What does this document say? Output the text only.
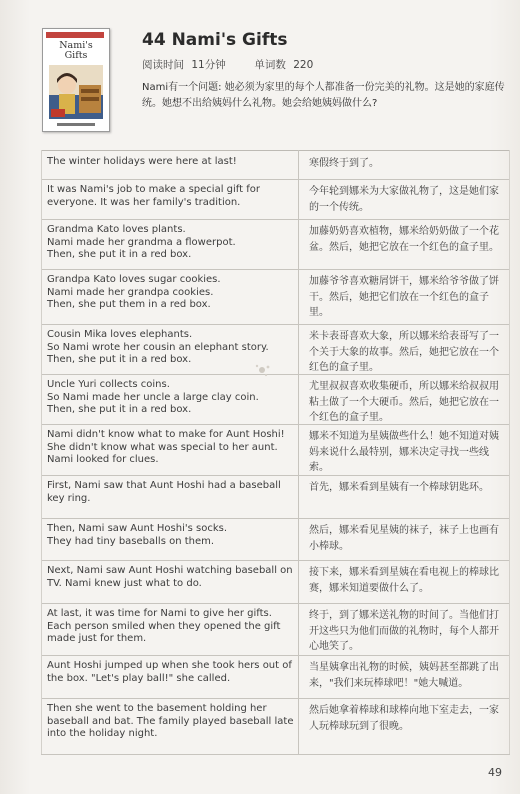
Nami's
Gifts
44 Nami's Gifts
阅读时间 11分钟	单词数 220
Nami有一个问题: 她必须为家里的每个人都准备一份完美的礼物。这是她的家庭传统。她想不出给姨妈什么礼物。她会给她姨妈做什么?
The winter holidays were here at last!	寒假终于到了。
It was Nami's job to make a special gift for everyone. It was her family's tradition.
今年轮到娜米为大家做礼物了，这是她们家的一个传统。
Grandma Kato loves plants.
Nami made her grandma a flowerpot.
Then, she put it in a red box.
加藤奶奶喜欢植物，娜米给奶奶做了一个花盆。然后，她把它放在一个红色的盒子里。
Grandpa Kato loves sugar cookies.
Nami made her grandpa cookies.
Then, she put them in a red box.
加藤爷爷喜欢糖屑饼干，娜米给爷爷做了饼干。然后，她把它们放在一个红色的盒子里。
Cousin Mika loves elephants.
So Nami wrote her cousin an elephant story.
Then, she put it in a red box.
米卡表哥喜欢大象，所以娜米给表哥写了一个关于大象的故事。然后，她把它放在一个红色的盒子里。
Uncle Yuri collects coins.
So Nami made her uncle a large clay coin.
Then, she put it in a red box.
尤里叔叔喜欢收集硬币，所以娜米给叔叔用粘土做了一个大硬币。然后，她把它放在一个红色的盒子里。
Nami didn't know what to make for Aunt Hoshi!
She didn't know what was special to her aunt.
Nami looked for clues.
娜米不知道为星姨做些什么！她不知道对姨妈来说什么最特别，娜米决定寻找一些线索。
First, Nami saw that Aunt Hoshi had a baseball key ring.
首先，娜米看到星姨有一个棒球钥匙环。
Then, Nami saw Aunt Hoshi's socks.
They had tiny baseballs on them.
然后，娜米看见星姨的袜子，袜子上也画有小棒球。
Next, Nami saw Aunt Hoshi watching baseball on TV. Nami knew just what to do.
接下来，娜米看到星姨在看电视上的棒球比赛，娜米知道要做什么了。
At last, it was time for Nami to give her gifts.
Each person smiled when they opened the gift made just for them.
终于，到了娜米送礼物的时间了。当他们打开这些只为他们而做的礼物时，每个人都开心地笑了。
Aunt Hoshi jumped up when she took hers out of the box. "Let's play ball!" she called.
当星姨拿出礼物的时候，姨妈甚至都跳了出来，"我们来玩棒球吧！"她大喊道。
Then she went to the basement holding her baseball and bat. The family played baseball late into the holiday night.
然后她拿着棒球和球棒向地下室走去，一家人玩棒球玩到了很晚。
49
